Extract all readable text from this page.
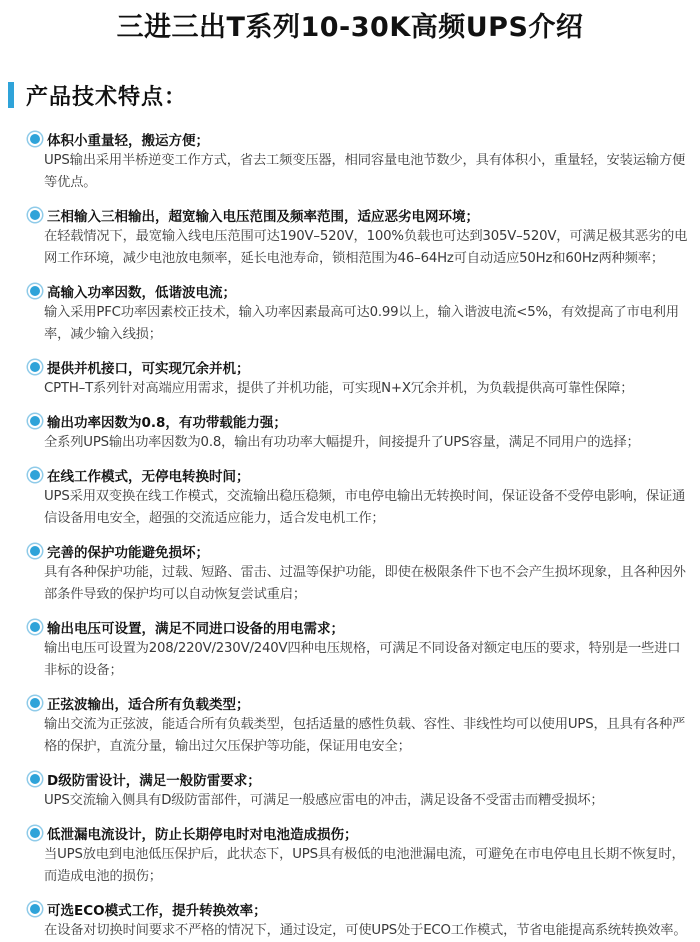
三进三出T系列10-30K高频UPS介绍
产品技术特点：
体积小重量轻，搬运方便；

UPS输出采用半桥逆变工作方式，省去工频变压器，相同容量电池节数少，具有体积小，重量轻，安装运输方便等优点。

三相输入三相输出，超宽输入电压范围及频率范围，适应恶劣电网环境；

在轻载情况下，最宽输入线电压范围可达190V–520V，100%负载也可达到305V–520V，可满足极其恶劣的电网工作环境，减少电池放电频率，延长电池寿命，锁相范围为46–64Hz可自动适应50Hz和60Hz两种频率；

高输入功率因数，低谐波电流；

输入采用PFC功率因素校正技术，输入功率因素最高可达0.99以上，输入谐波电流<5%，有效提高了市电利用率，减少输入线损；

提供并机接口，可实现冗余并机；

CPTH–T系列针对高端应用需求，提供了并机功能，可实现N+X冗余并机，为负载提供高可靠性保障；

输出功率因数为0.8，有功带载能力强；

全系列UPS输出功率因数为0.8，输出有功功率大幅提升，间接提升了UPS容量，满足不同用户的选择；

在线工作模式，无停电转换时间；

UPS采用双变换在线工作模式，交流输出稳压稳频，市电停电输出无转换时间，保证设备不受停电影响，保证通信设备用电安全，超强的交流适应能力，适合发电机工作；

完善的保护功能避免损坏；

具有各种保护功能，过载、短路、雷击、过温等保护功能，即使在极限条件下也不会产生损坏现象，且各种因外部条件导致的保护均可以自动恢复尝试重启；

输出电压可设置，满足不同进口设备的用电需求；

输出电压可设置为208/220V/230V/240V四种电压规格，可满足不同设备对额定电压的要求，特别是一些进口非标的设备；

正弦波输出，适合所有负载类型；

输出交流为正弦波，能适合所有负载类型，包括适量的感性负载、容性、非线性均可以使用UPS，且具有各种严格的保护，直流分量，输出过欠压保护等功能，保证用电安全；

D级防雷设计，满足一般防雷要求；

UPS交流输入侧具有D级防雷部件，可满足一般感应雷电的冲击，满足设备不受雷击而糟受损坏；

低泄漏电流设计，防止长期停电时对电池造成损伤；

当UPS放电到电池低压保护后，此状态下，UPS具有极低的电池泄漏电流，可避免在市电停电且长期不恢复时，而造成电池的损伤；

可选ECO模式工作，提升转换效率；

在设备对切换时间要求不严格的情况下，通过设定，可使UPS处于ECO工作模式，节省电能提高系统转换效率。
